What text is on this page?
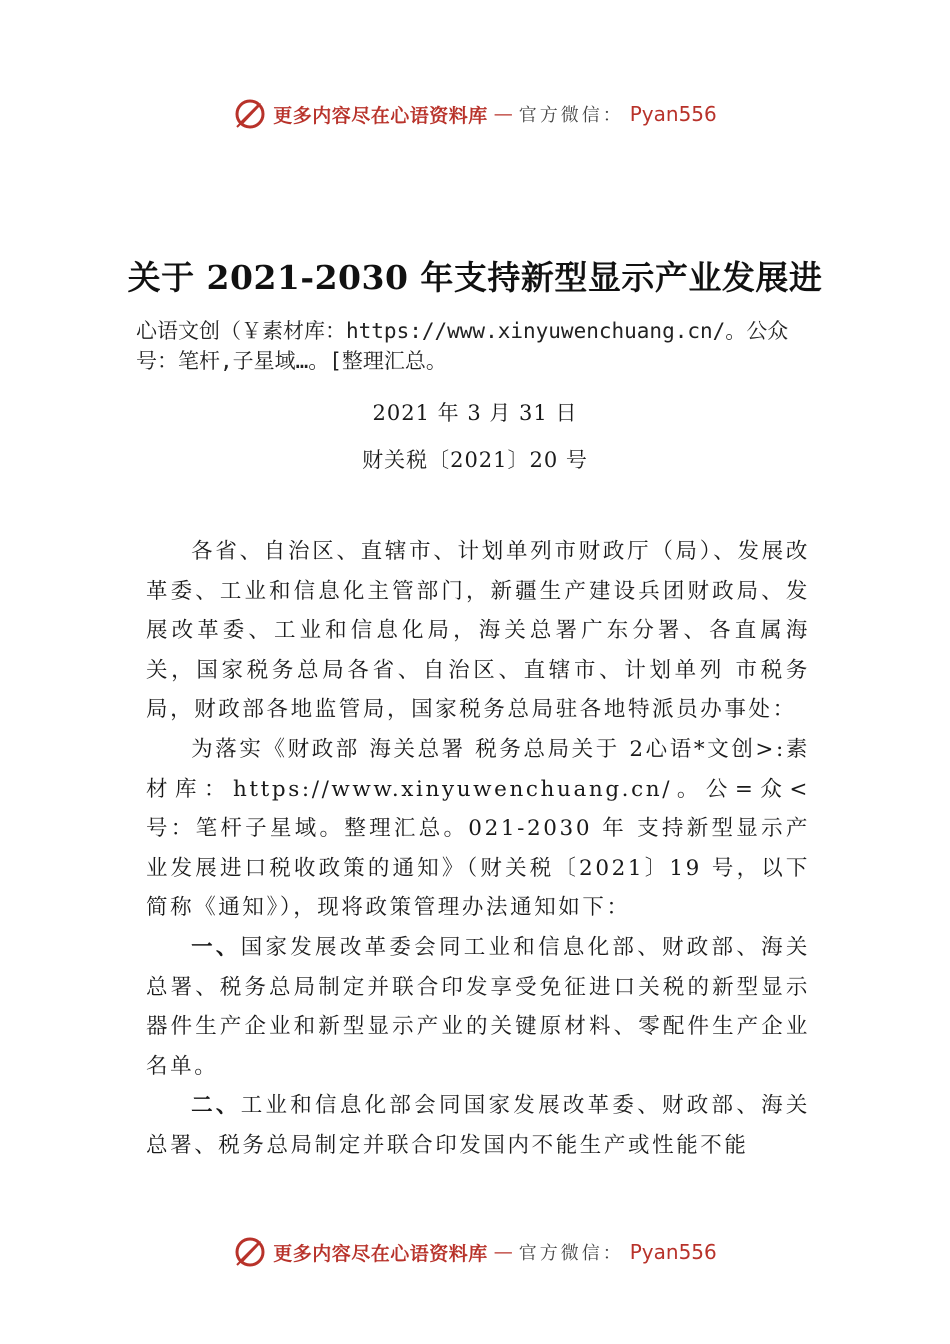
更多内容尽在心语资料库 — 官方微信： Pyan556
关于 2021-2030 年支持新型显示产业发展进
心语文创（￥素材库：https://www.xinyuwenchuang.cn/。公众
号：笔杆,子星域…。[整理汇总。
2021 年 3 月 31 日
财关税〔2021〕20 号

各省、自治区、直辖市、计划单列市财政厅（局）、发展改革委、工业和信息化主管部门，新疆生产建设兵团财政局、发展改革委、工业和信息化局，海关总署广东分署、各直属海关，国家税务总局各省、自治区、直辖市、计划单列 市税务局，财政部各地监管局，国家税务总局驻各地特派员办事处：

为落实《财政部 海关总署 税务总局关于 2心语*文创>:素材库：https://www.xinyuwenchuang.cn/。公=众<号：笔杆子星域。整理汇总。021-2030 年 支持新型显示产业发展进口税收政策的通知》（财关税〔2021〕19 号，以下简称《通知》），现将政策管理办法通知如下：

一、国家发展改革委会同工业和信息化部、财政部、海关总署、税务总局制定并联合印发享受免征进口关税的新型显示器件生产企业和新型显示产业的关键原材料、零配件生产企业名单。

二、工业和信息化部会同国家发展改革委、财政部、海关总署、税务总局制定并联合印发国内不能生产或性能不能

更多内容尽在心语资料库 — 官方微信： Pyan556
